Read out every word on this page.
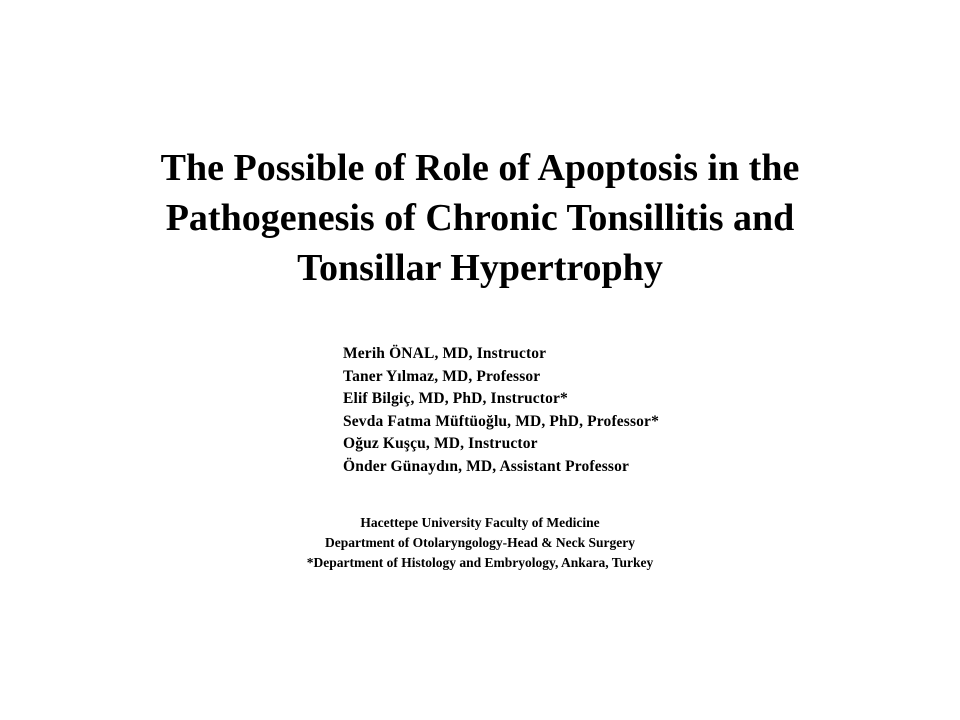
The Possible of Role of Apoptosis in the
Pathogenesis of Chronic Tonsillitis and
Tonsillar Hypertrophy
Merih ÖNAL, MD, Instructor
Taner Yılmaz, MD, Professor
Elif Bilgiç, MD, PhD, Instructor*
Sevda Fatma Müftüoğlu, MD, PhD, Professor*
Oğuz Kuşçu, MD, Instructor
Önder Günaydın, MD, Assistant Professor
Hacettepe University Faculty of Medicine
Department of Otolaryngology-Head & Neck Surgery
*Department of Histology and Embryology, Ankara, Turkey
